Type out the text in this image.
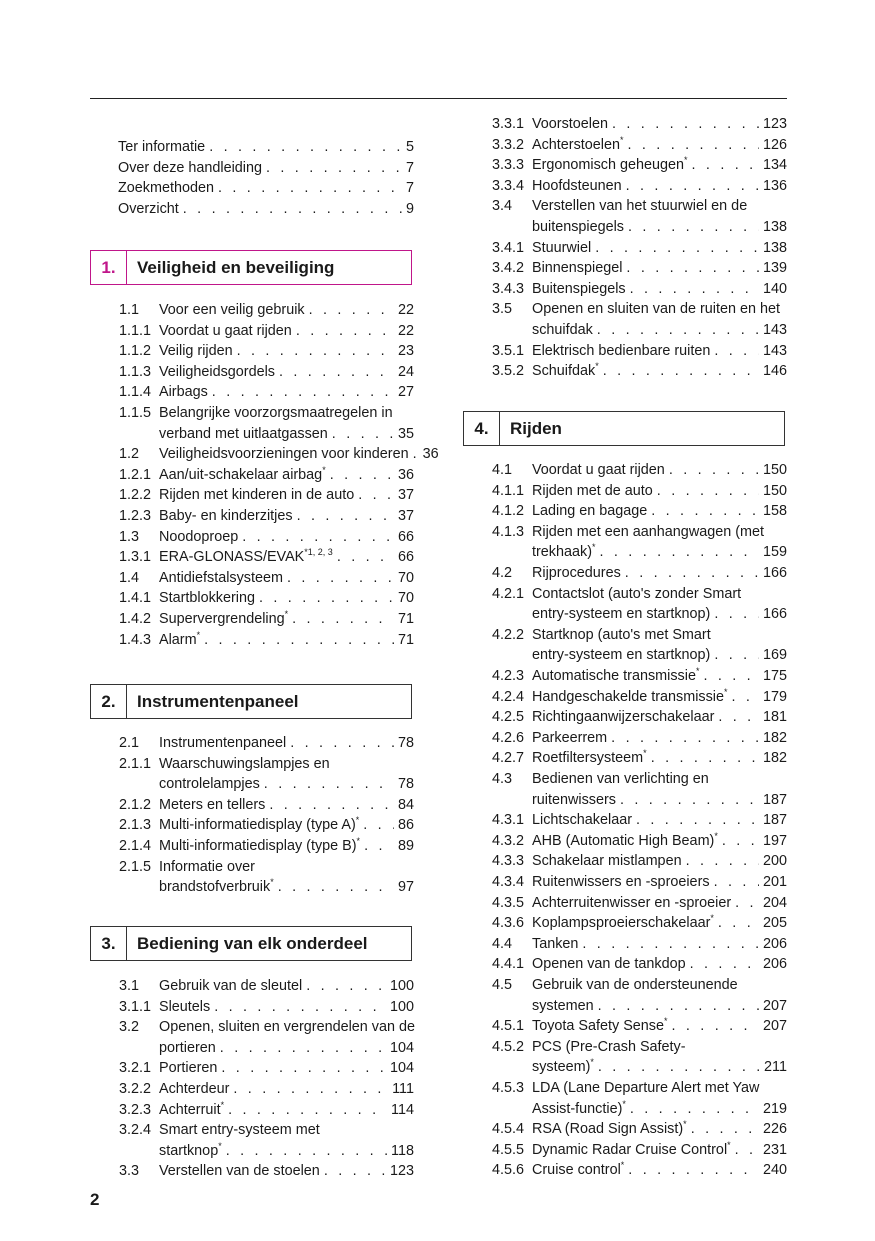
Ter informatie . . .	5
Over deze handleiding . . .	7
Zoekmethoden . . .	7
Overzicht . . .	9
1.	Veiligheid en beveiliging
1.1 Voor een veilig gebruik . . .	22
1.1.1 Voordat u gaat rijden . . .	22
1.1.2 Veilig rijden . . .	23
1.1.3 Veiligheidsgordels . . .	24
1.1.4 Airbags . . .	27
1.1.5 Belangrijke voorzorgsmaatregelen in
verband met uitlaatgassen . . .	35
1.2 Veiligheidsvoorzieningen voor kinderen . . . 36
1.2.1 Aan/uit-schakelaar airbag* . . .	36
1.2.2 Rijden met kinderen in de auto . . .	37
1.2.3 Baby- en kinderzitjes . . .	37
1.3 Noodoproep . . .	66
1.3.1 ERA-GLONASS/EVAK$^{*1, 2, 3}$ . . .	66
1.4 Antidiefstalsysteem . . .	70
1.4.1 Startblokkering . . .	70
1.4.2 Supervergrendeling* . . .	71
1.4.3 Alarm* . . .	71
2.	Instrumentenpaneel
2.1 Instrumentenpaneel . . .	78
2.1.1 Waarschuwingslampjes en
controlelampjes . . .	78
2.1.2 Meters en tellers . . .	84
2.1.3 Multi-informatiedisplay (type A)* . . .	86
2.1.4 Multi-informatiedisplay (type B)* . . .	89
2.1.5 Informatie over
brandstofverbruik* . . .	97
3.	Bediening van elk onderdeel
3.1 Gebruik van de sleutel . . .	100
3.1.1 Sleutels . . .	100
3.2 Openen, sluiten en vergrendelen van de
portieren . . .	104
3.2.1 Portieren . . .	104
3.2.2 Achterdeur . . .	111
3.2.3 Achterruit* . . .	114
3.2.4 Smart entry-systeem met
startknop* . . .	118
3.3 Verstellen van de stoelen . . .	123
3.3.1 Voorstoelen . . .	123
3.3.2 Achterstoelen* . . .	126
3.3.3 Ergonomisch geheugen* . . .	134
3.3.4 Hoofdsteunen . . .	136
3.4 Verstellen van het stuurwiel en de
buitenspiegels . . .	138
3.4.1 Stuurwiel . . .	138
3.4.2 Binnenspiegel . . .	139
3.4.3 Buitenspiegels . . .	140
3.5 Openen en sluiten van de ruiten en het
schuifdak . . .	143
3.5.1 Elektrisch bedienbare ruiten . . .	143
3.5.2 Schuifdak* . . .	146
4.	Rijden
4.1 Voordat u gaat rijden . . .	150
4.1.1 Rijden met de auto . . .	150
4.1.2 Lading en bagage . . .	158
4.1.3 Rijden met een aanhangwagen (met
trekhaak)* . . .	159
4.2 Rijprocedures . . .	166
4.2.1 Contactslot (auto's zonder Smart
entry-systeem en startknop) . . .	166
4.2.2 Startknop (auto's met Smart
entry-systeem en startknop) . . .	169
4.2.3 Automatische transmissie* . . .	175
4.2.4 Handgeschakelde transmissie* . . . 179
4.2.5 Richtingaanwijzerschakelaar . . .	181
4.2.6 Parkeerrem . . .	182
4.2.7 Roetfiltersysteem* . . .	182
4.3 Bedienen van verlichting en
ruitenwissers . . .	187
4.3.1 Lichtschakelaar . . .	187
4.3.2 AHB (Automatic High Beam)* . . .	197
4.3.3 Schakelaar mistlampen . . .	200
4.3.4 Ruitenwissers en -sproeiers . . .	201
4.3.5 Achterruitenwisser en -sproeier . . . 204
4.3.6 Koplampsproeierschakelaar* . . .	205
4.4 Tanken . . .	206
4.4.1 Openen van de tankdop . . .	206
4.5 Gebruik van de ondersteunende
systemen . . .	207
4.5.1 Toyota Safety Sense* . . .	207
4.5.2 PCS (Pre-Crash Safety-
systeem)* . . .	211
4.5.3 LDA (Lane Departure Alert met Yaw
Assist-functie)* . . .	219
4.5.4 RSA (Road Sign Assist)* . . .	226
4.5.5 Dynamic Radar Cruise Control* . . . 231
4.5.6 Cruise control* . . .	240
2
